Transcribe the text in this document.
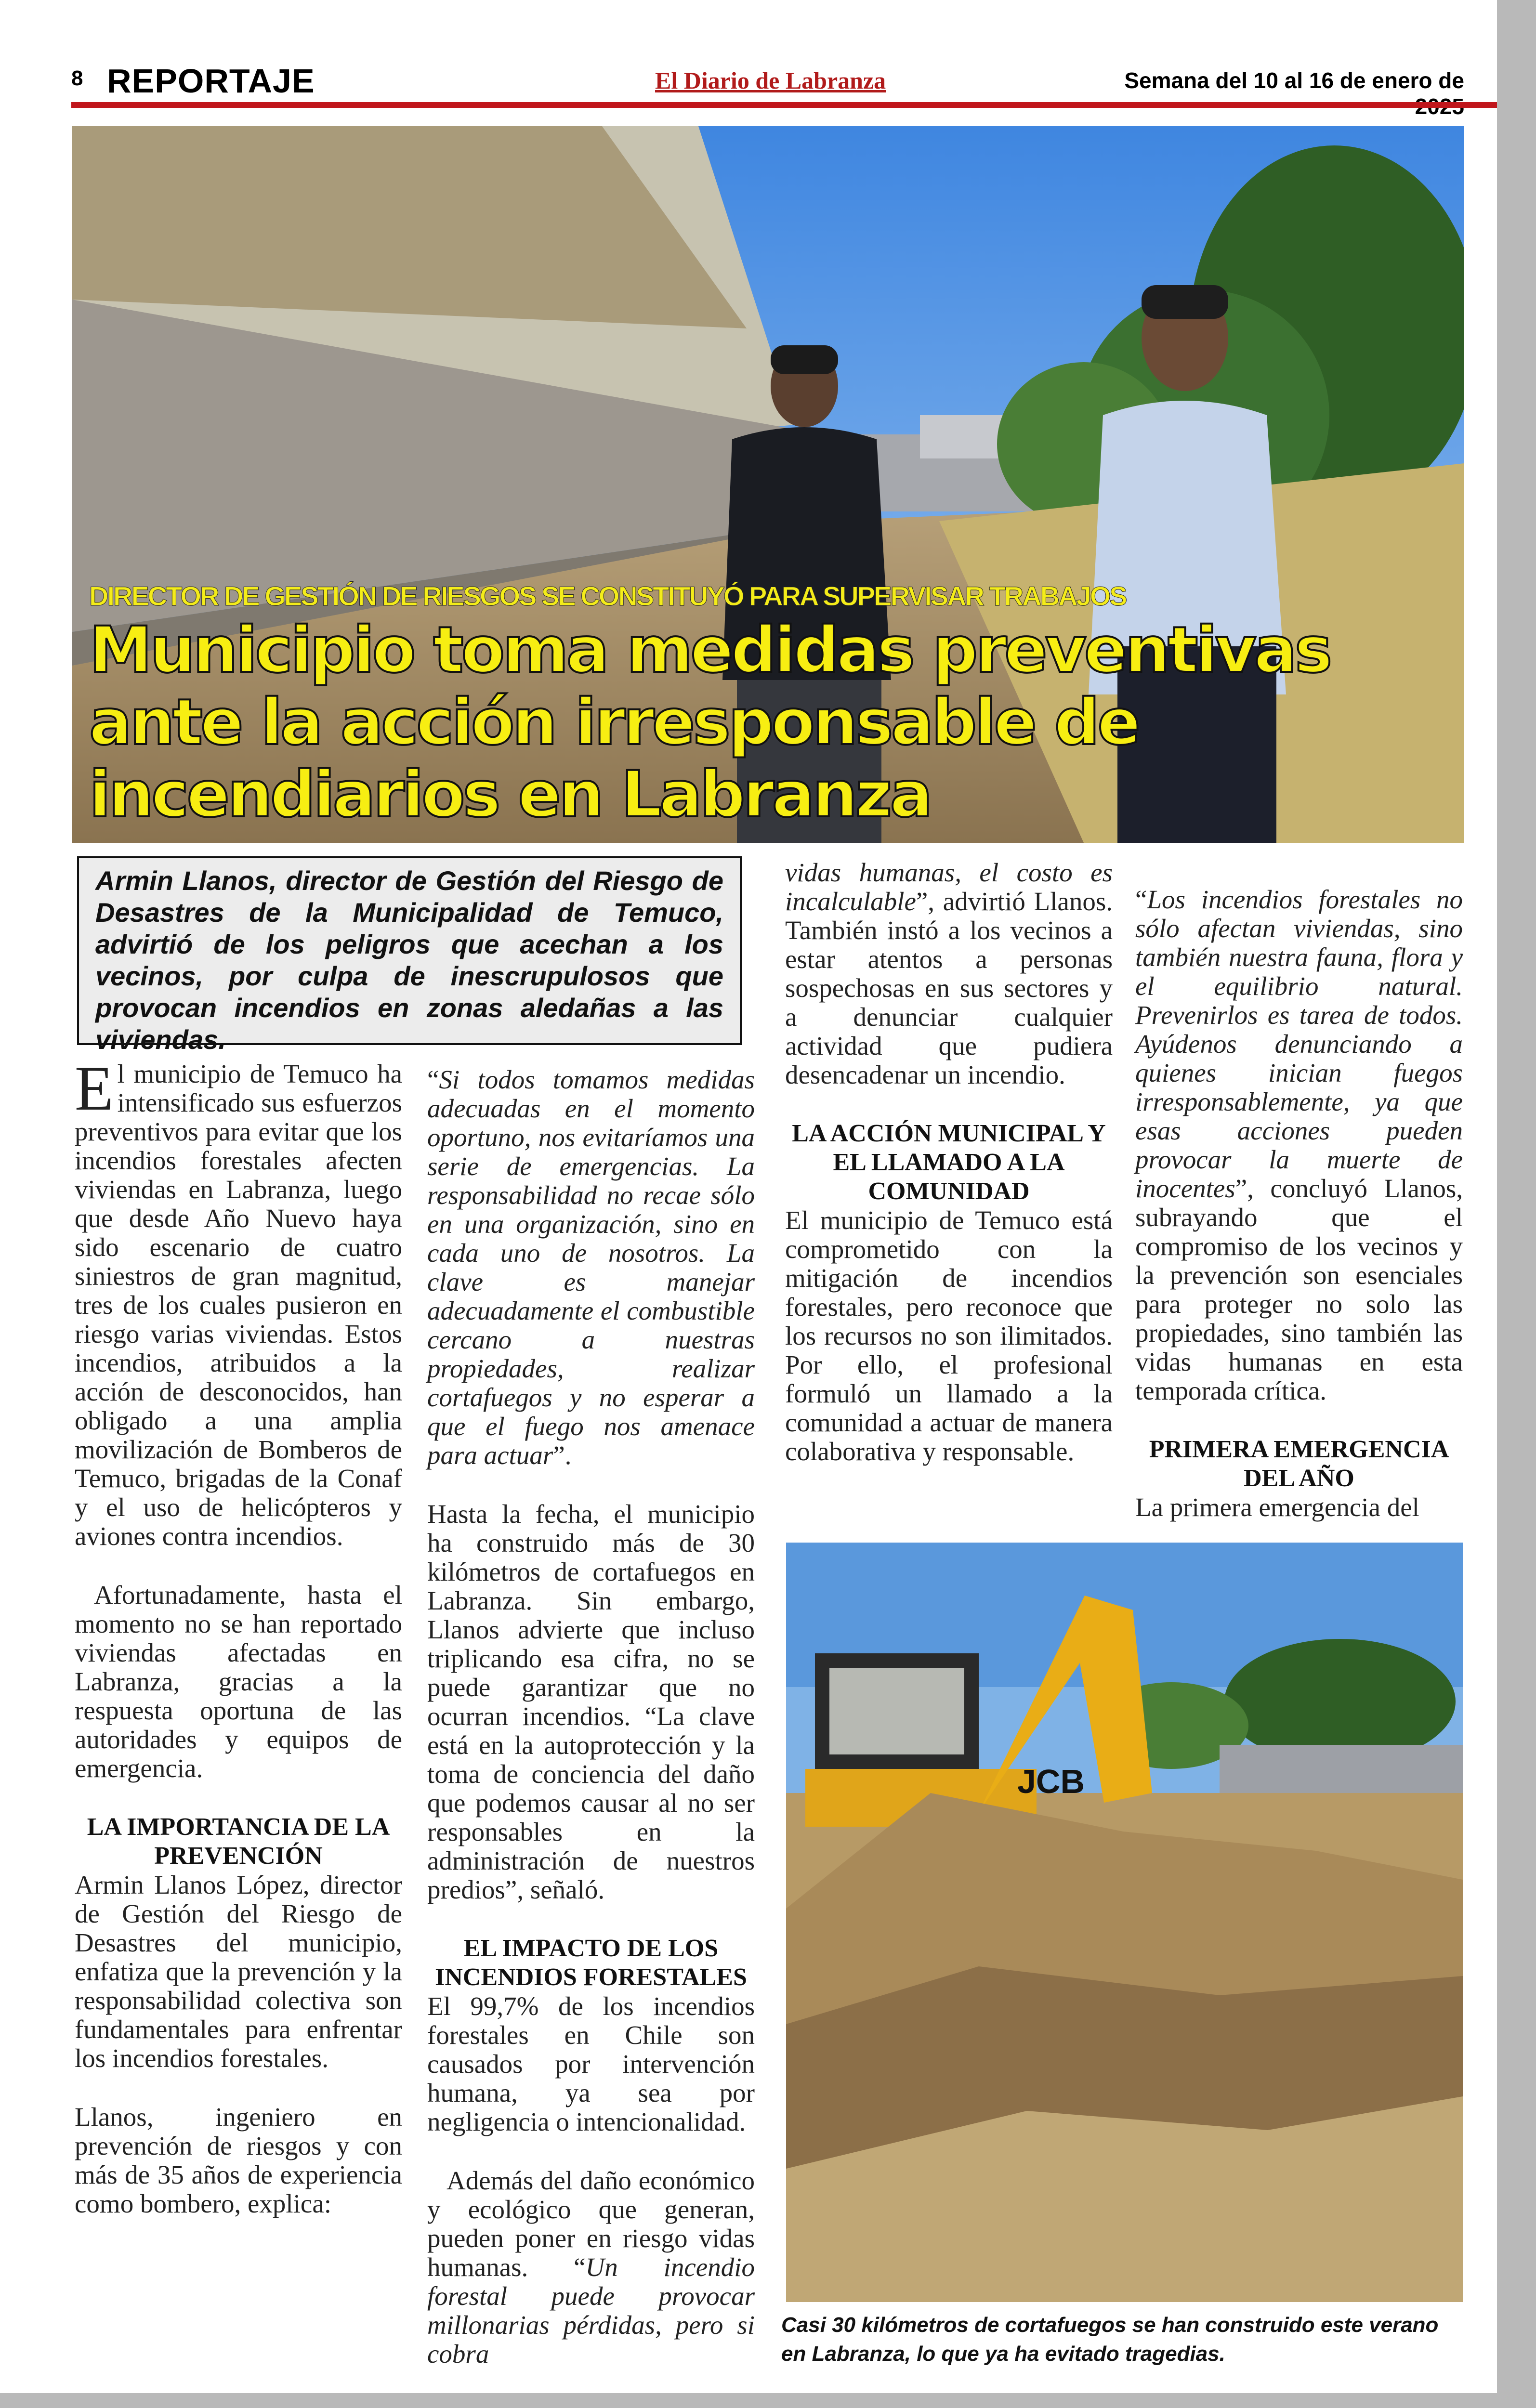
8 REPORTAJE	El Diario de Labranza	Semana del 10 al 16 de enero de
DIRECTOR DE GESTIÓN DE RIESGOS SE CONSTITUYÓ PARA SUPERVISAR TRABAJOS
Municipio toma medidas preventivas
ante la acción irresponsable de
incendiarios en Labranza
Armin Llanos, director de Gestión del Riesgo de Desastres de la Municipalidad de Temuco, advirtió de los peligros que acechan a los vecinos, por culpa de inescrupulosos que provocan incendios en zonas aledañas a las viviendas.

El municipio de Temuco ha intensificado sus esfuerzos preventivos para evitar que los incendios forestales afecten viviendas en Labranza, luego que desde Año Nuevo haya sido escenario de cuatro siniestros de gran magnitud, tres de los cuales pusieron en riesgo varias viviendas. Estos incendios, atribuidos a la acción de desconocidos, han obligado a una amplia movilización de Bomberos de Temuco, brigadas de la Conaf y el uso de helicópteros y aviones contra incendios.

Afortunadamente, hasta el momento no se han reportado viviendas afectadas en Labranza, gracias a la respuesta oportuna de las autoridades y equipos de emergencia.

LA IMPORTANCIA DE LA PREVENCIÓN

Armin Llanos López, director de Gestión del Riesgo de Desastres del municipio, enfatiza que la prevención y la responsabilidad colectiva son fundamentales para enfrentar los incendios forestales.

Llanos, ingeniero en prevención de riesgos y con más de 35 años de experiencia como bombero, explica:

“Si todos tomamos medidas adecuadas en el momento oportuno, nos evitaríamos una serie de emergencias. La responsabilidad no recae sólo en una organización, sino en cada uno de nosotros. La clave es manejar adecuadamente el combustible cercano a nuestras propiedades, realizar cortafuegos y no esperar a que el fuego nos amenace para actuar”.

Hasta la fecha, el municipio ha construido más de 30 kilómetros de cortafuegos en Labranza. Sin embargo, Llanos advierte que incluso triplicando esa cifra, no se puede garantizar que no ocurran incendios. “La clave está en la autoprotección y la toma de conciencia del daño que podemos causar al no ser responsables en la administración de nuestros predios”, señaló.

EL IMPACTO DE LOS INCENDIOS FORESTALES

El 99,7% de los incendios forestales en Chile son causados por intervención humana, ya sea por negligencia o intencionalidad.

Además del daño económico y ecológico que generan, pueden poner en riesgo vidas humanas. “Un incendio forestal puede provocar millonarias pérdidas, pero si cobra

vidas humanas, el costo es incalculable”, advirtió Llanos. También instó a los vecinos a estar atentos a personas sospechosas en sus sectores y a denunciar cualquier actividad que pudiera desencadenar un incendio.

LA ACCIÓN MUNICIPAL Y EL LLAMADO A LA COMUNIDAD

El municipio de Temuco está comprometido con la mitigación de incendios forestales, pero reconoce que los recursos no son ilimitados. Por ello, el profesional formuló un llamado a la comunidad a actuar de manera colaborativa y responsable.

“Los incendios forestales no sólo afectan viviendas, sino también nuestra fauna, flora y el equilibrio natural. Prevenirlos es tarea de todos. Ayúdenos denunciando a quienes inician fuegos irresponsablemente, ya que esas acciones pueden provocar la muerte de inocentes”, concluyó Llanos, subrayando que el compromiso de los vecinos y la prevención son esenciales para proteger no solo las propiedades, sino también las vidas humanas en esta temporada crítica.

PRIMERA EMERGENCIA DEL AÑO

La primera emergencia del

JCB
Casi 30 kilómetros de cortafuegos se han construido este verano en Labranza, lo que ya ha evitado tragedias.
